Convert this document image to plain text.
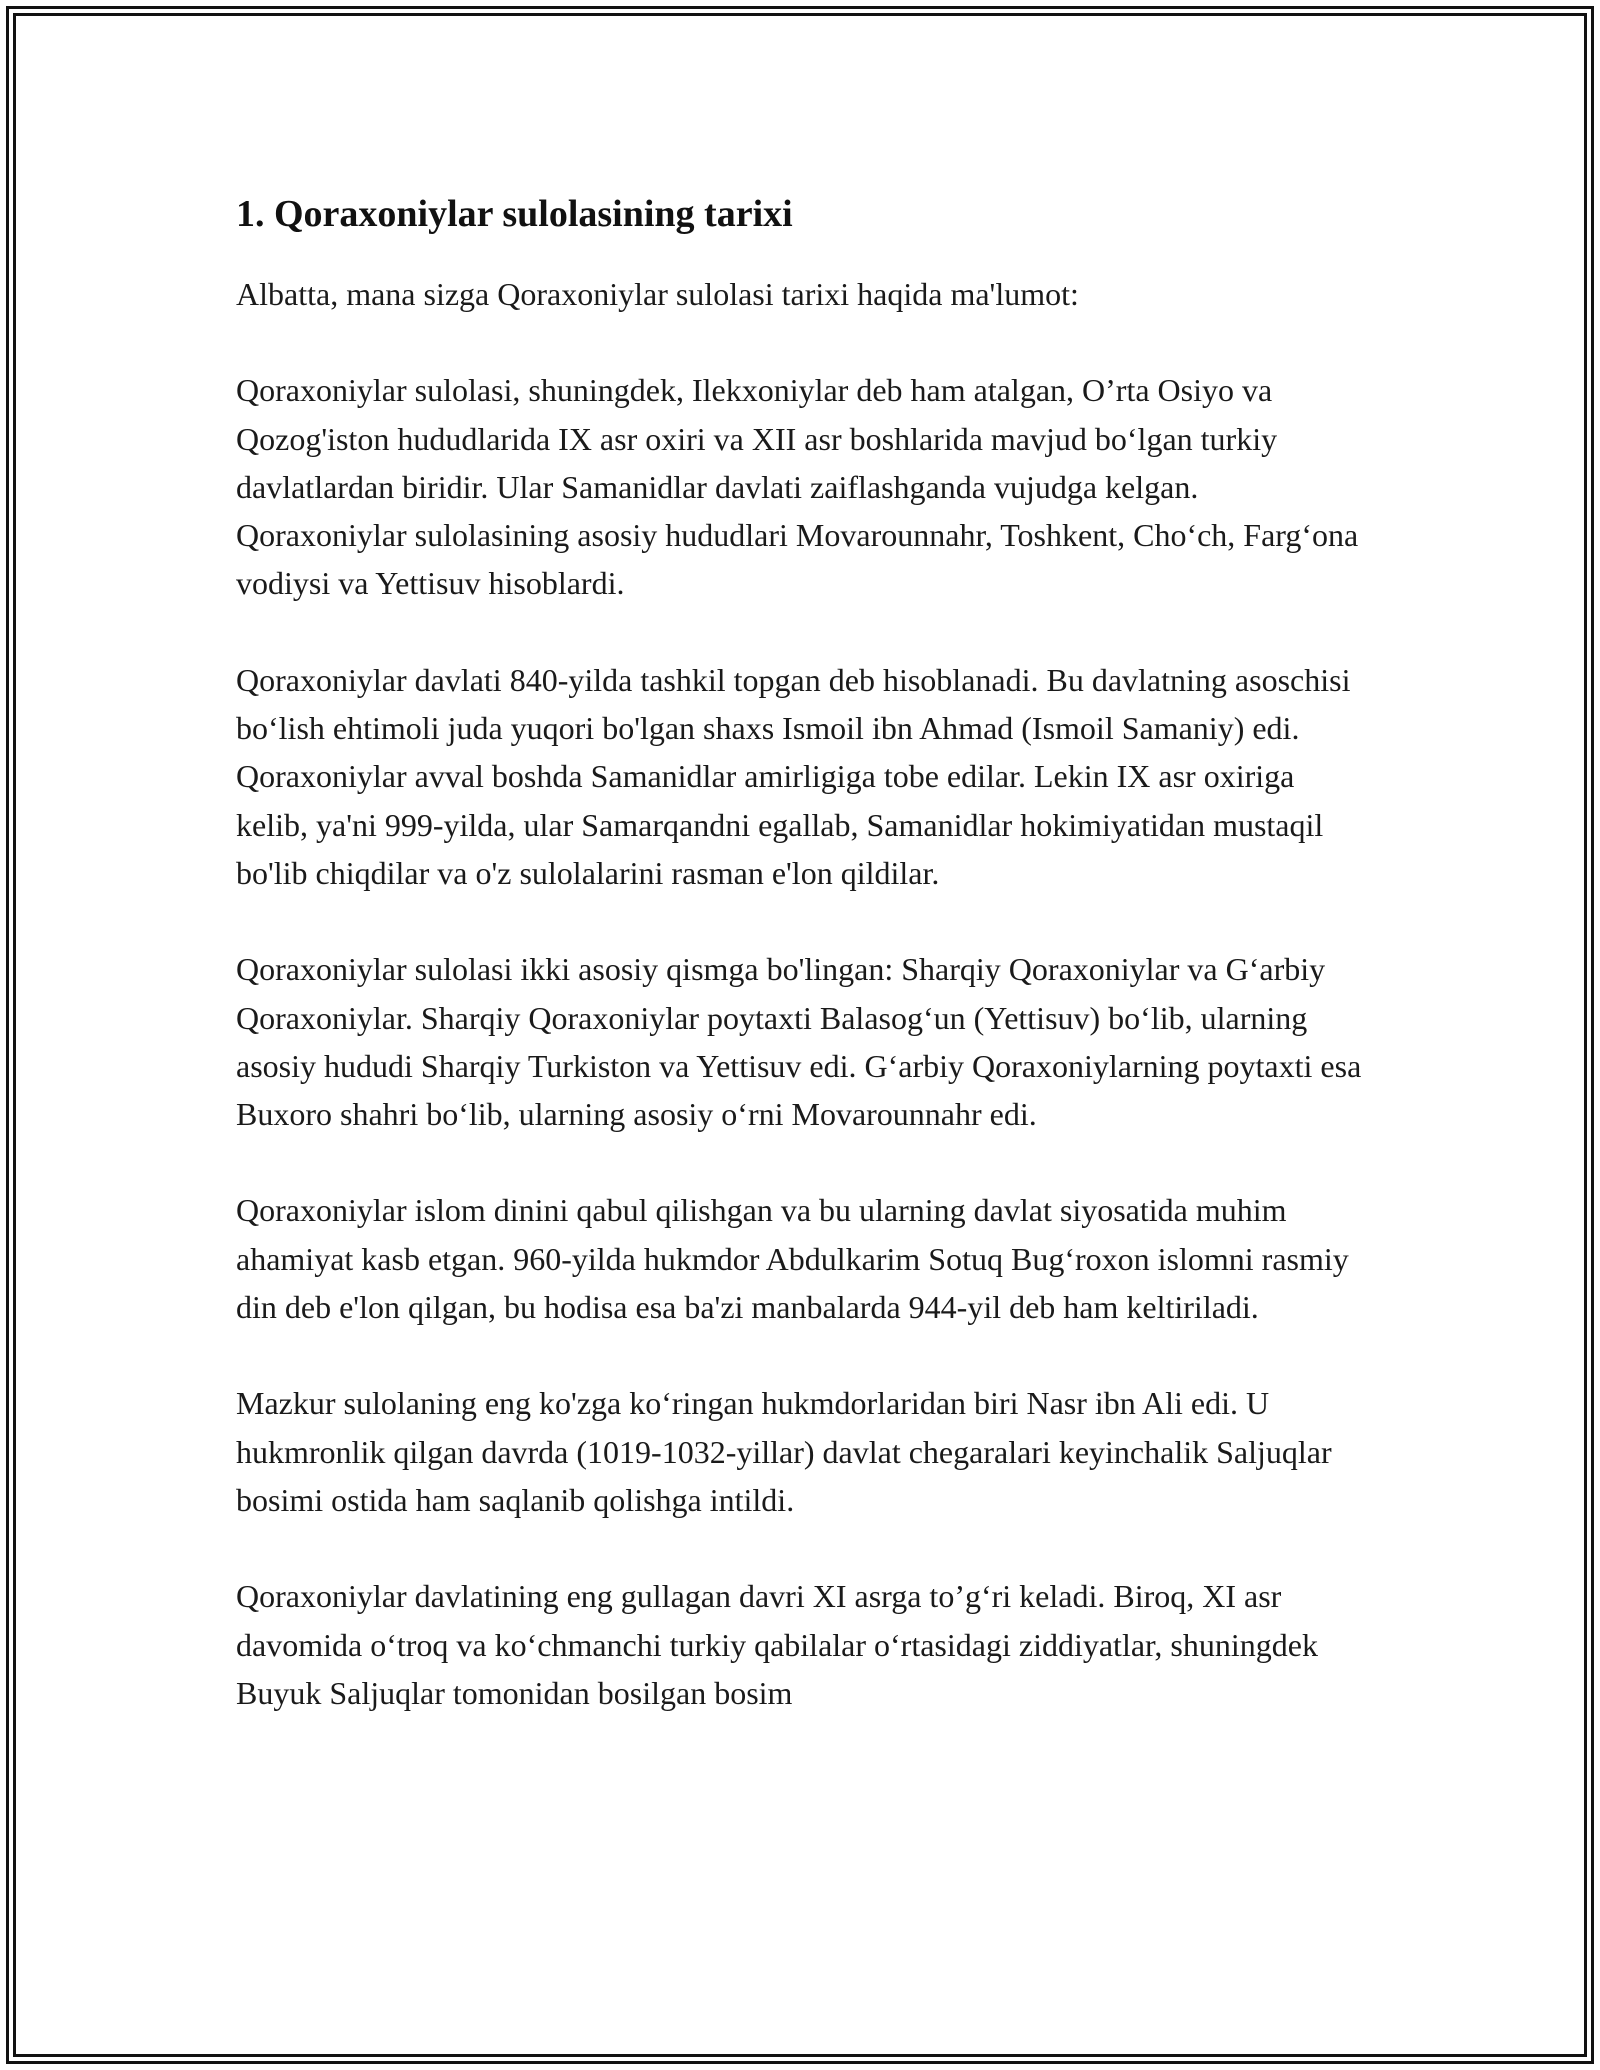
1. Qoraxoniylar sulolasining tarixi

Albatta, mana sizga Qoraxoniylar sulolasi tarixi haqida ma'lumot:

Qoraxoniylar sulolasi, shuningdek, Ilekxoniylar deb ham atalgan, O’rta Osiyo va Qozog'iston hududlarida IX asr oxiri va XII asr boshlarida mavjud bo‘lgan turkiy davlatlardan biridir. Ular Samanidlar davlati zaiflashganda vujudga kelgan. Qoraxoniylar sulolasining asosiy hududlari Movarounnahr, Toshkent, Cho‘ch, Farg‘ona vodiysi va Yettisuv hisoblardi.

Qoraxoniylar davlati 840-yilda tashkil topgan deb hisoblanadi. Bu davlatning asoschisi bo‘lish ehtimoli juda yuqori bo'lgan shaxs Ismoil ibn Ahmad (Ismoil Samaniy) edi. Qoraxoniylar avval boshda Samanidlar amirligiga tobe edilar. Lekin IX asr oxiriga kelib, ya'ni 999-yilda, ular Samarqandni egallab, Samanidlar hokimiyatidan mustaqil bo'lib chiqdilar va o'z sulolalarini rasman e'lon qildilar.

Qoraxoniylar sulolasi ikki asosiy qismga bo'lingan: Sharqiy Qoraxoniylar va G‘arbiy Qoraxoniylar. Sharqiy Qoraxoniylar poytaxti Balasog‘un (Yettisuv) bo‘lib, ularning asosiy hududi Sharqiy Turkiston va Yettisuv edi. G‘arbiy Qoraxoniylarning poytaxti esa Buxoro shahri bo‘lib, ularning asosiy o‘rni Movarounnahr edi.

Qoraxoniylar islom dinini qabul qilishgan va bu ularning davlat siyosatida muhim ahamiyat kasb etgan. 960-yilda hukmdor Abdulkarim Sotuq Bug‘roxon islomni rasmiy din deb e'lon qilgan, bu hodisa esa ba'zi manbalarda 944-yil deb ham keltiriladi.

Mazkur sulolaning eng ko'zga ko‘ringan hukmdorlaridan biri Nasr ibn Ali edi. U hukmronlik qilgan davrda (1019-1032-yillar) davlat chegaralari keyinchalik Saljuqlar bosimi ostida ham saqlanib qolishga intildi.

Qoraxoniylar davlatining eng gullagan davri XI asrga to’g‘ri keladi. Biroq, XI asr davomida o‘troq va ko‘chmanchi turkiy qabilalar o‘rtasidagi ziddiyatlar, shuningdek Buyuk Saljuqlar tomonidan bosilgan bosim
